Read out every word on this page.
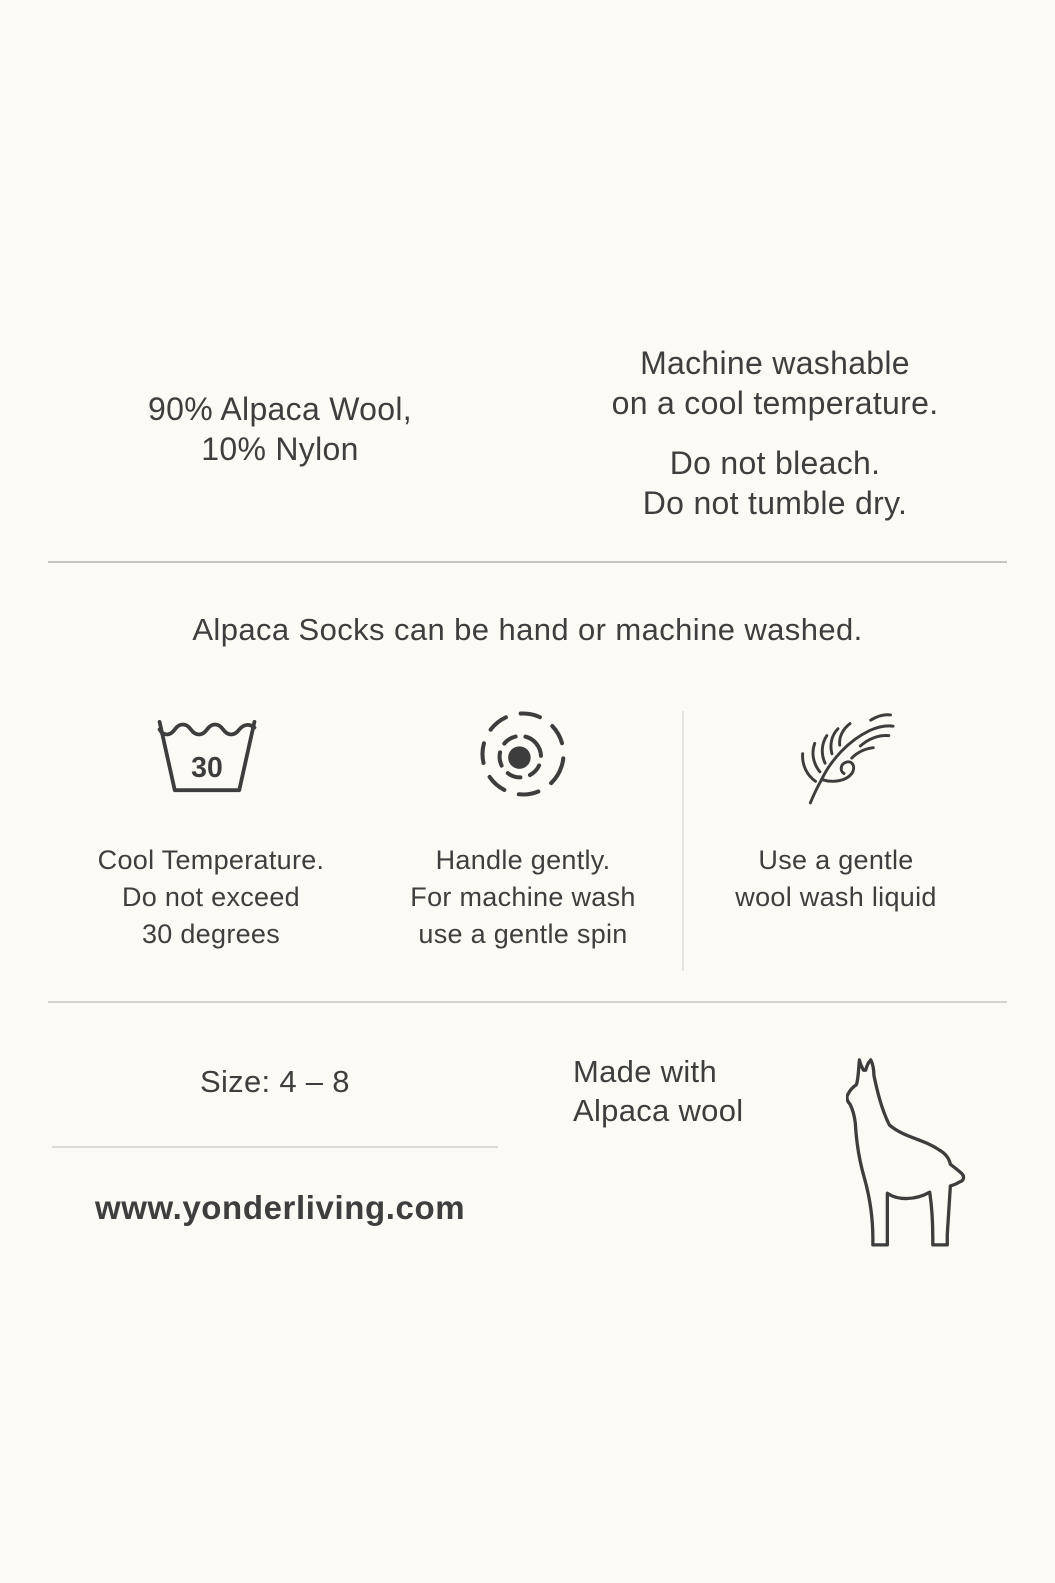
90% Alpaca Wool,
10% Nylon
Machine washable
on a cool temperature.
Do not bleach.
Do not tumble dry.
Alpaca Socks can be hand or machine washed.
30
Cool Temperature.
Do not exceed
30 degrees
Handle gently.
For machine wash
use a gentle spin
Use a gentle
wool wash liquid
Size: 4 – 8	Made with
Alpaca wool
www.yonderliving.com
